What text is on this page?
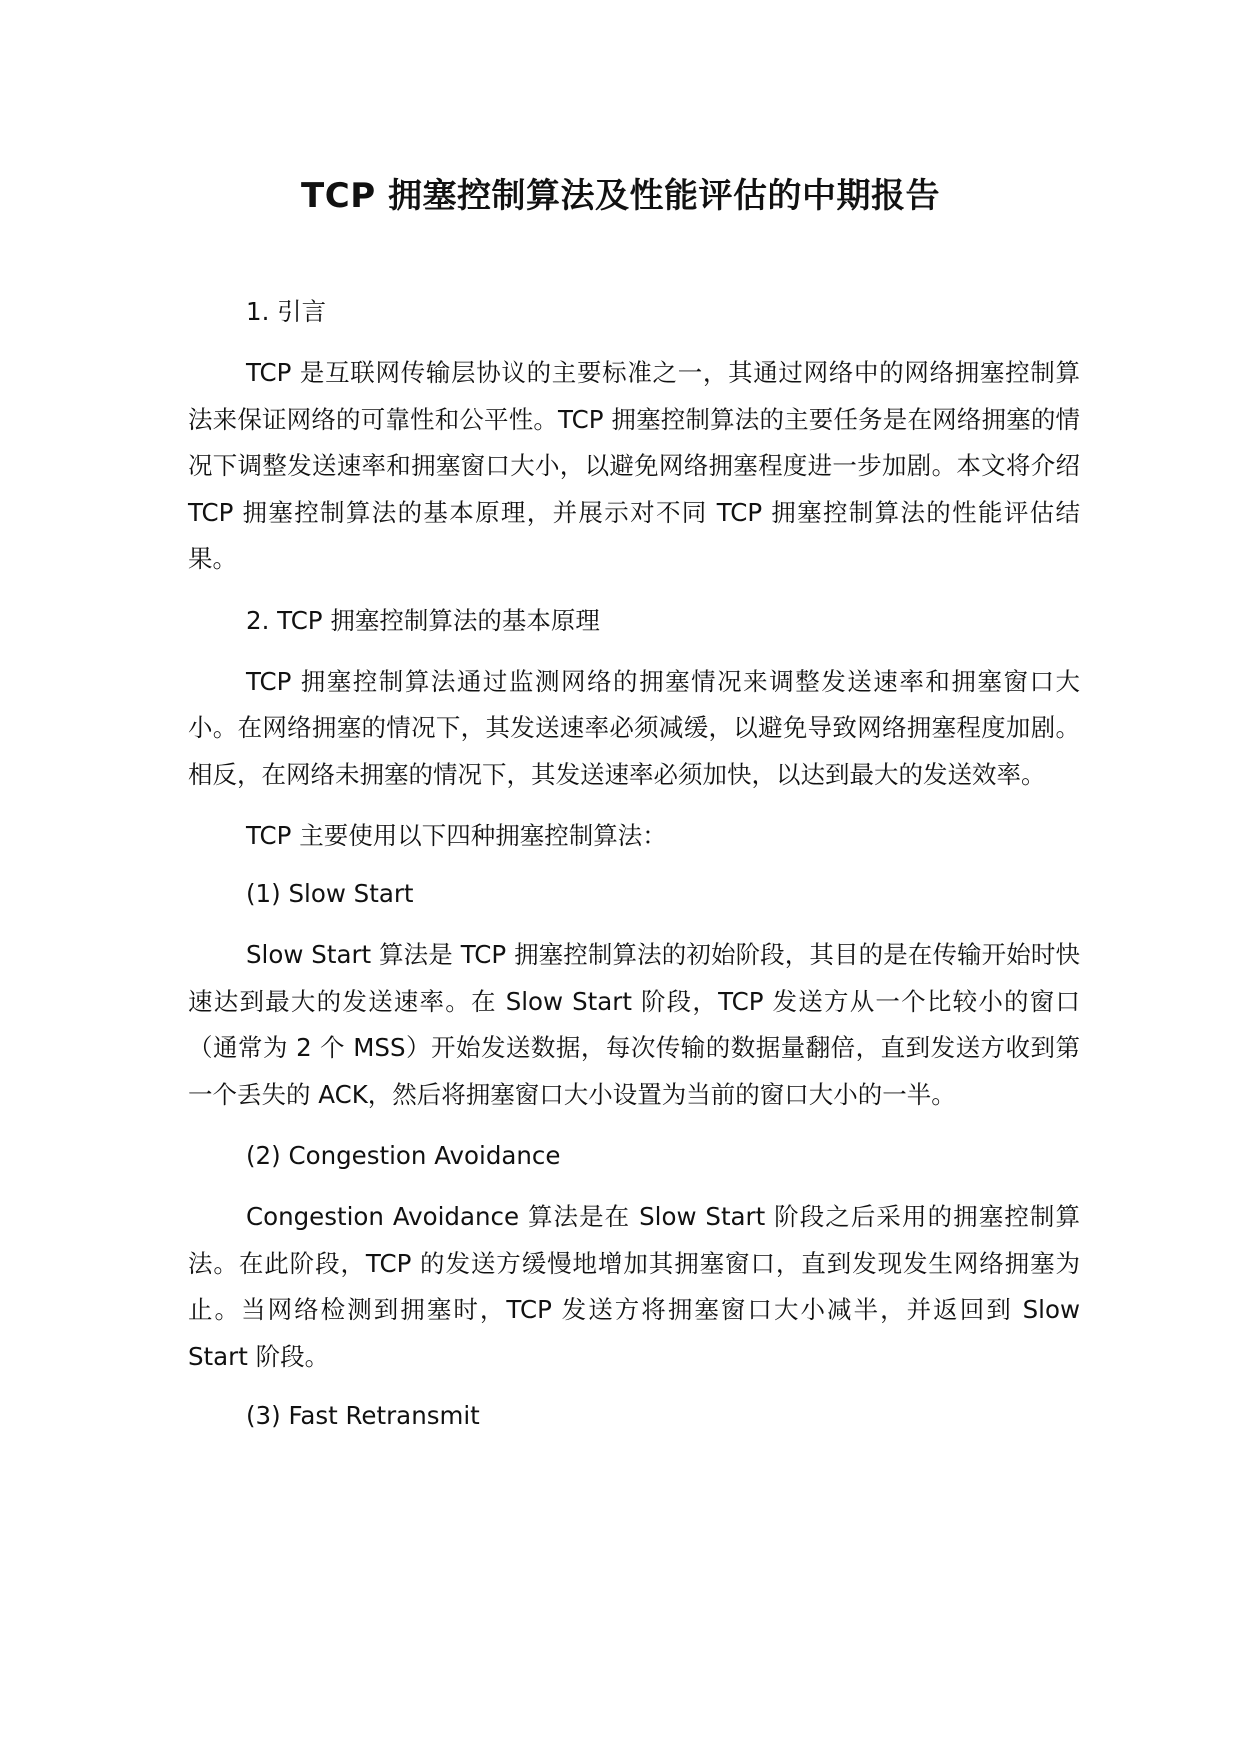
TCP 拥塞控制算法及性能评估的中期报告
1. 引言
TCP 是互联网传输层协议的主要标准之一，其通过网络中的网络拥塞控制算法来保证网络的可靠性和公平性。TCP 拥塞控制算法的主要任务是在网络拥塞的情况下调整发送速率和拥塞窗口大小，以避免网络拥塞程度进一步加剧。本文将介绍 TCP 拥塞控制算法的基本原理，并展示对不同 TCP 拥塞控制算法的性能评估结果。
2. TCP 拥塞控制算法的基本原理
TCP 拥塞控制算法通过监测网络的拥塞情况来调整发送速率和拥塞窗口大小。在网络拥塞的情况下，其发送速率必须减缓，以避免导致网络拥塞程度加剧。相反，在网络未拥塞的情况下，其发送速率必须加快，以达到最大的发送效率。
TCP 主要使用以下四种拥塞控制算法：
(1) Slow Start
Slow Start 算法是 TCP 拥塞控制算法的初始阶段，其目的是在传输开始时快速达到最大的发送速率。在 Slow Start 阶段，TCP 发送方从一个比较小的窗口（通常为 2 个 MSS）开始发送数据，每次传输的数据量翻倍，直到发送方收到第一个丢失的 ACK，然后将拥塞窗口大小设置为当前的窗口大小的一半。
(2) Congestion Avoidance
Congestion Avoidance 算法是在 Slow Start 阶段之后采用的拥塞控制算法。在此阶段，TCP 的发送方缓慢地增加其拥塞窗口，直到发现发生网络拥塞为止。当网络检测到拥塞时，TCP 发送方将拥塞窗口大小减半，并返回到 Slow Start 阶段。
(3) Fast Retransmit
